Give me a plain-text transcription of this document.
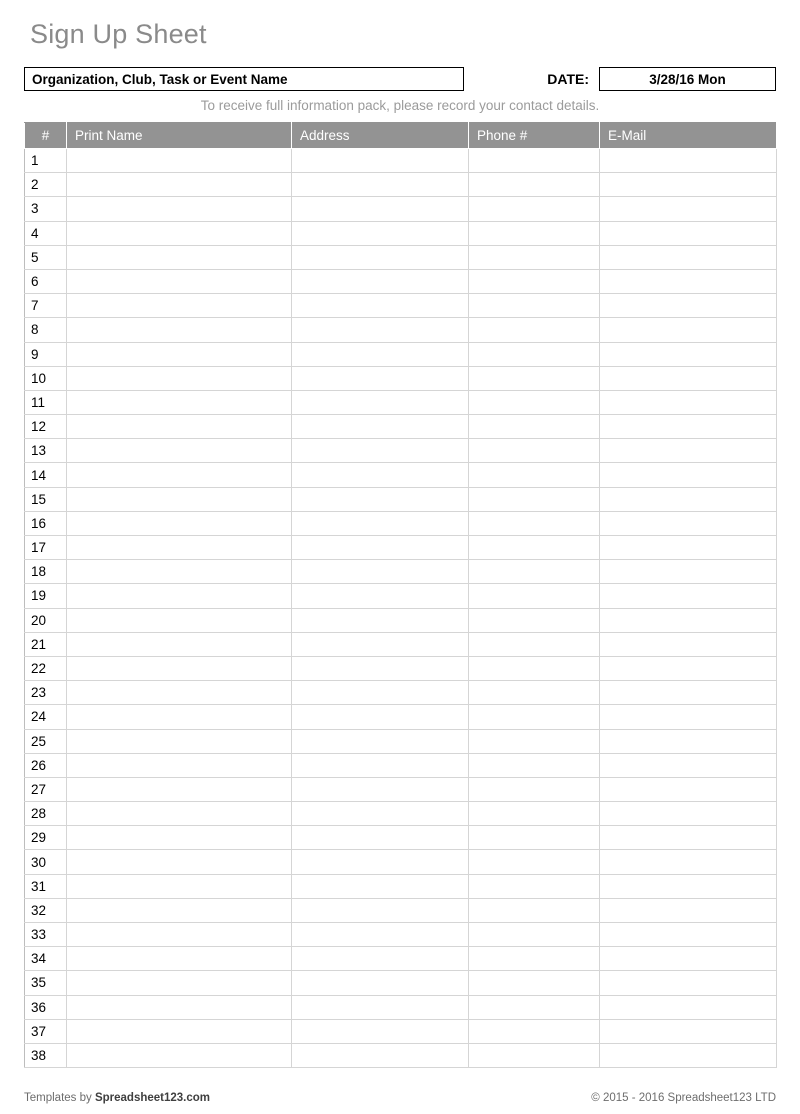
Sign Up Sheet
Organization, Club, Task or Event Name	DATE:	3/28/16 Mon
To receive full information pack, please record your contact details.
#	Print Name	Address	Phone #	E-Mail
1				
2				
3				
4				
5				
6				
7				
8				
9				
10				
11				
12				
13				
14				
15				
16				
17				
18				
19				
20				
21				
22				
23				
24				
25				
26				
27				
28				
29				
30				
31				
32				
33				
34				
35				
36				
37				
38				
Templates by Spreadsheet123.com	© 2015 - 2016 Spreadsheet123 LTD
